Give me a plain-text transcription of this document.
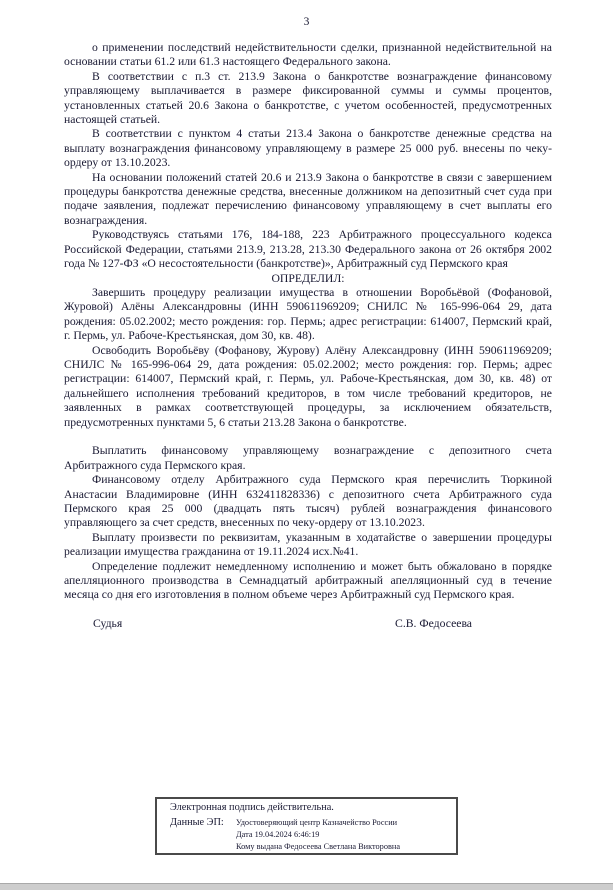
3

о применении последствий недействительности сделки, признанной недействительной на основании статьи 61.2 или 61.3 настоящего Федерального закона.

В соответствии с п.3 ст. 213.9 Закона о банкротстве вознаграждение финансовому управляющему выплачивается в размере фиксированной суммы и суммы процентов, установленных статьей 20.6 Закона о банкротстве, с учетом особенностей, предусмотренных настоящей статьей.

В соответствии с пунктом 4 статьи 213.4 Закона о банкротстве денежные средства на выплату вознаграждения финансовому управляющему в размере 25 000 руб. внесены по чеку-ордеру от 13.10.2023.

На основании положений статей 20.6 и 213.9 Закона о банкротстве в связи с завершением процедуры банкротства денежные средства, внесенные должником на депозитный счет суда при подаче заявления, подлежат перечислению финансовому управляющему в счет выплаты его вознаграждения.

Руководствуясь статьями 176, 184-188, 223 Арбитражного процессуального кодекса Российской Федерации, статьями 213.9, 213.28, 213.30 Федерального закона от 26 октября 2002 года № 127-ФЗ «О несостоятельности (банкротстве)», Арбитражный суд Пермского края

ОПРЕДЕЛИЛ:

Завершить процедуру реализации имущества в отношении Воробьёвой (Фофановой, Журовой) Алёны Александровны (ИНН 590611969209; СНИЛС № 165-996-064 29, дата рождения: 05.02.2002; место рождения: гор. Пермь; адрес регистрации: 614007, Пермский край, г. Пермь, ул. Рабоче-Крестьянская, дом 30, кв. 48).

Освободить Воробьёву (Фофанову, Журову) Алёну Александровну (ИНН 590611969209; СНИЛС № 165-996-064 29, дата рождения: 05.02.2002; место рождения: гор. Пермь; адрес регистрации: 614007, Пермский край, г. Пермь, ул. Рабоче-Крестьянская, дом 30, кв. 48) от дальнейшего исполнения требований кредиторов, в том числе требований кредиторов, не заявленных в рамках соответствующей процедуры, за исключением обязательств, предусмотренных пунктами 5, 6 статьи 213.28 Закона о банкротстве.

Выплатить финансовому управляющему вознаграждение с депозитного счета Арбитражного суда Пермского края.

Финансовому отделу Арбитражного суда Пермского края перечислить Тюркиной Анастасии Владимировне (ИНН 632411828336) с депозитного счета Арбитражного суда Пермского края 25 000 (двадцать пять тысяч) рублей вознаграждения финансового управляющего за счет средств, внесенных по чеку-ордеру от 13.10.2023.

Выплату произвести по реквизитам, указанным в ходатайстве о завершении процедуры реализации имущества гражданина от 19.11.2024 исх.№41.

Определение подлежит немедленному исполнению и может быть обжаловано в порядке апелляционного производства в Семнадцатый арбитражный апелляционный суд в течение месяца со дня его изготовления в полном объеме через Арбитражный суд Пермского края.

Судья	С.В. Федосеева
Электронная подпись действительна.
Данные ЭП:	Удостоверяющий центр Казначейство России
Дата 19.04.2024 6:46:19
Кому выдана Федосеева Светлана Викторовна
